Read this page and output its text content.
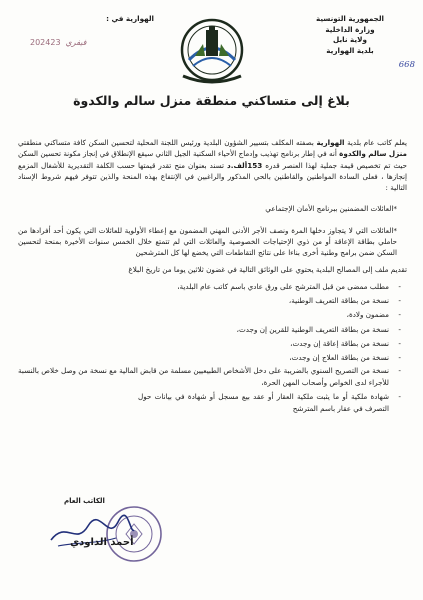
الجمهورية التونسية
وزارة الداخلية
ولاية نابل
بلدية الهوارية
الهوارية في :
2024 فيفري23
668
بلاغ إلى متساكني منطقة منزل سالم والكدوة

يعلم كاتب عام بلدية الهوارية بصفته المكلف بتسيير الشؤون البلدية ورئيس اللجنة المحلية لتحسين السكن كافة متساكني منطقتي منزل سالم والكدوة أنه في إطار برنامج تهذيب وإدماج الأحياء السكنية الجيل الثاني سيقع الإنطلاق في إنجاز مكونة تحسين السكن حيث تم تخصيص قيمة جملية لهذا العنصر قدره 153ألف.د تسند بعنوان منح تقدر قيمتها حسب الكلفة التقديرية للأشغال المزمع إنجازها ، فعلى السادة المواطنين والقاطنين بالحي المذكور والراغبين في الإنتفاع بهذه المنحة والذين تتوفر فيهم شروط الإسناد التالية :

*العائلات المضمنين ببرنامج الأمان الإجتماعي

*العائلات التي لا يتجاوز دخلها المرة ونصف الأجر الأدنى المهني المضمون مع إعطاء الأولوية للعائلات التي يكون أحد أفرادها من حاملي بطاقة الإعاقة أو من ذوي الإحتياجات الخصوصية والعائلات التي لم تتمتع خلال الخمس سنوات الأخيرة بمنحة لتحسين السكن ضمن برامج وطنية أخرى بناءا على نتائج التقاطعات التي يخضع لها كل المترشحين

تقديم ملف إلى المصالح البلدية يحتوي على الوثائق التالية في غضون ثلاثين يوما من تاريخ البلاغ

- مطلب ممضى من قبل المترشح على ورق عادي باسم كاتب عام البلدية،
- نسخة من بطاقة التعريف الوطنية،
- مضمون ولادة،
- نسخة من بطاقة التعريف الوطنية للقرين إن وجدت،
- نسخة من بطاقة إعاقة إن وجدت،
- نسخة من بطاقة العلاج إن وجدت،
- نسخة من التصريح السنوي بالضريبة على دخل الأشخاص الطبيعيين مسلمة من قابض المالية مع نسخة من وصل خلاص بالنسبة للأجراء لدى الخواص وأصحاب المهن الحرة،
- شهادة ملكية أو ما يثبت ملكية العقار أو عقد بيع مسجل أو شهادة في بيانات حول التصرف في عقار باسم المترشح
الكاتب العام
أحمد الداودي
